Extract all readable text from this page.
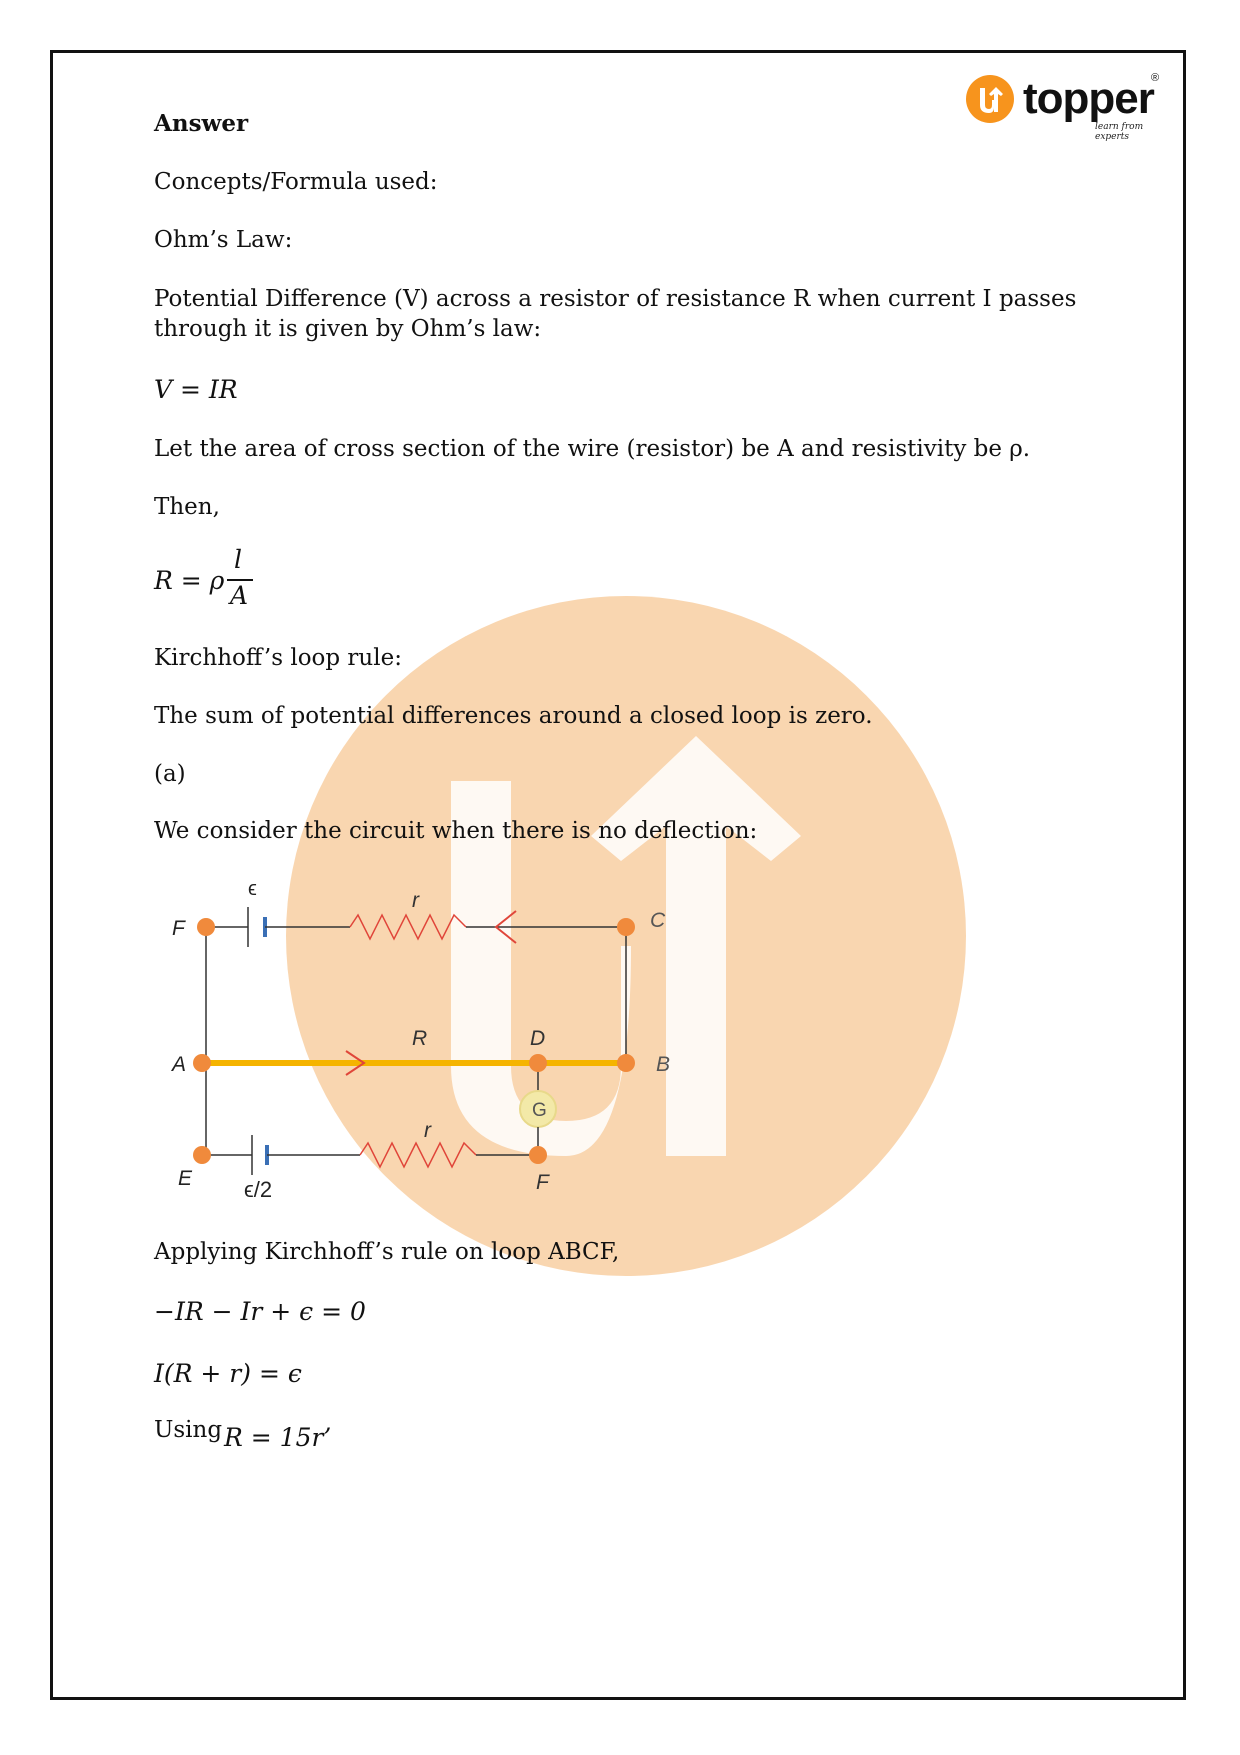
topper
®
learn from experts
Answer
Concepts/Formula used:
Ohm’s Law:
Potential Difference (V) across a resistor of resistance R when current I passes
through it is given by Ohm’s law:
V = IR
Let the area of cross section of the wire (resistor) be A and resistivity be ρ.
Then,
R = ρ
l
A
Kirchhoff’s loop rule:
The sum of potential differences around a closed loop is zero.
(a)
We consider the circuit when there is no deflection:
Applying Kirchhoff’s rule on loop ABCF,
−IR − Ir + ϵ = 0
I(R + r) = ϵ
Using R = 15r’
F	C
A	B
D
E	F
G
ϵ
ϵ/2
r
R
r
